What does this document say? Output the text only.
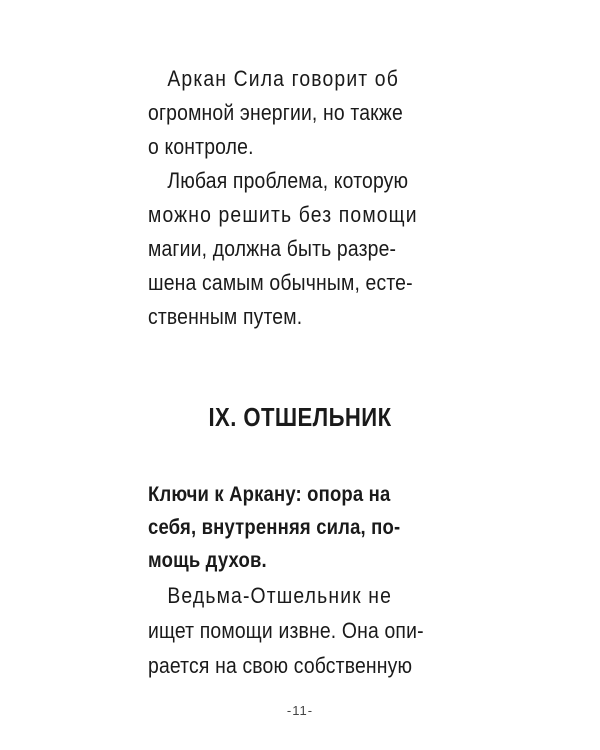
Аркан Сила говорит об
огромной энергии, но также
о контроле.
Любая проблема, которую
можно решить без помощи
магии, должна быть разре-
шена самым обычным, есте-
ственным путем.
IX. ОТШЕЛЬНИК
Ключи к Аркану: опора на
себя, внутренняя сила, по-
мощь духов.
Ведьма-Отшельник не
ищет помощи извне. Она опи-
рается на свою собственную
-11-
